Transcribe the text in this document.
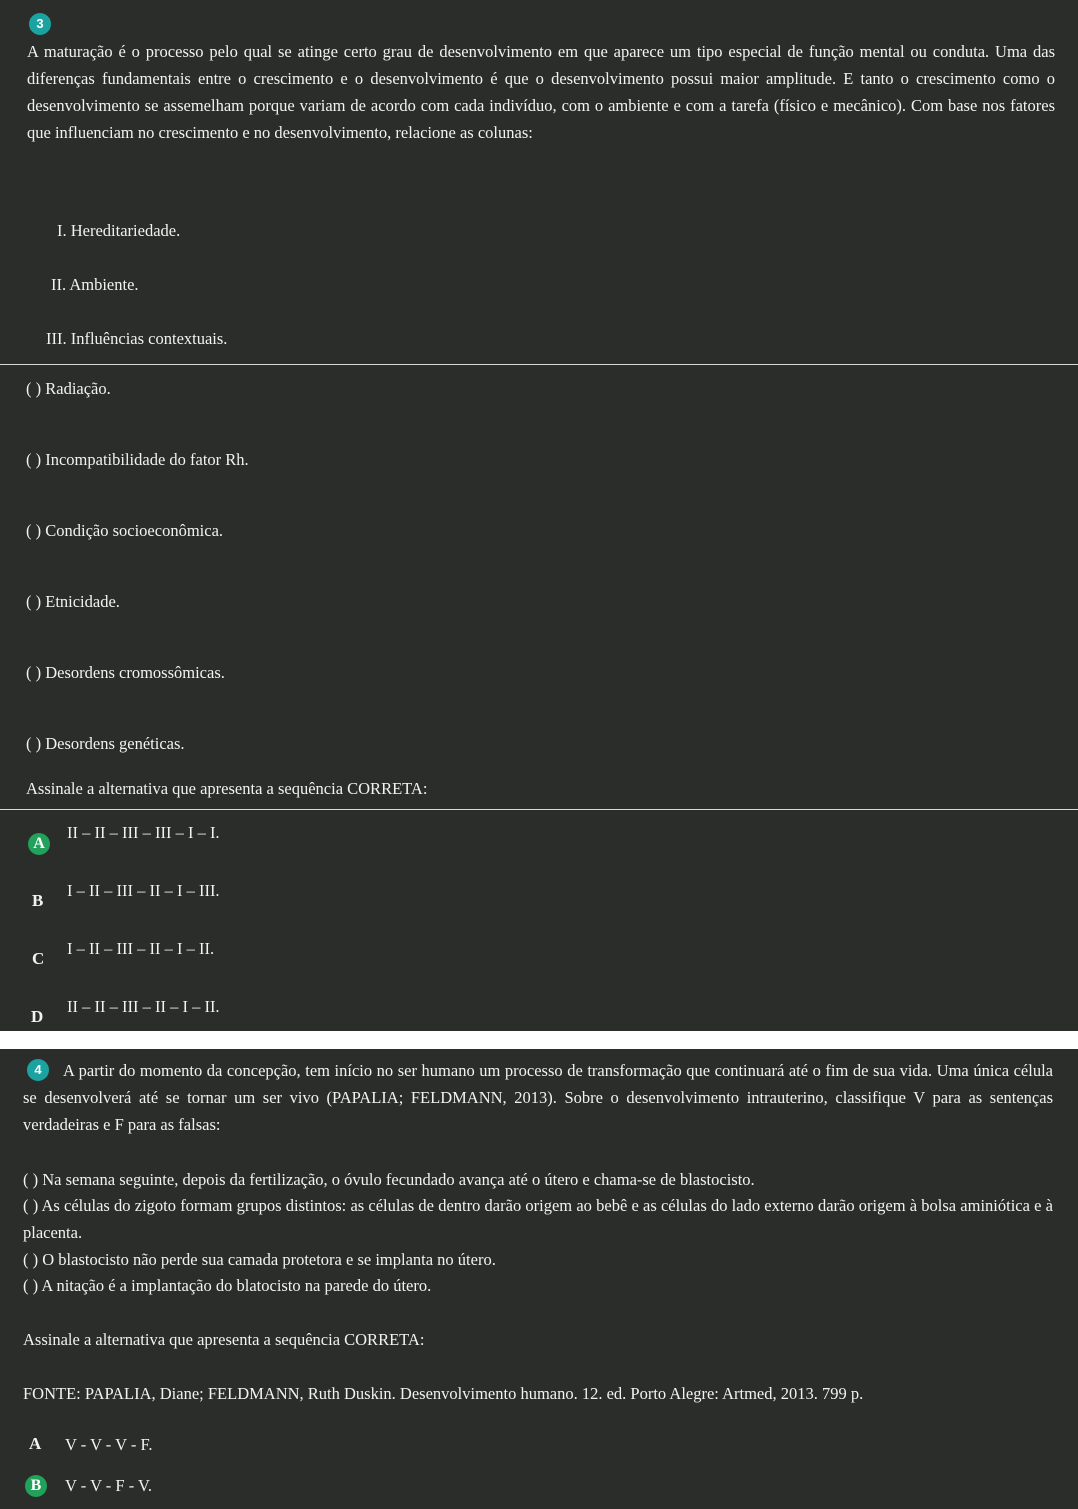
3
A maturação é o processo pelo qual se atinge certo grau de desenvolvimento em que aparece um tipo especial de função mental ou conduta. Uma das diferenças fundamentais entre o crescimento e o desenvolvimento é que o desenvolvimento possui maior amplitude. E tanto o crescimento como o desenvolvimento se assemelham porque variam de acordo com cada indivíduo, com o ambiente e com a tarefa (físico e mecânico). Com base nos fatores que influenciam no crescimento e no desenvolvimento, relacione as colunas:
I. Hereditariedade.
II. Ambiente.
III. Influências contextuais.
( ) Radiação.
( ) Incompatibilidade do fator Rh.
( ) Condição socioeconômica.
( ) Etnicidade.
( ) Desordens cromossômicas.
( ) Desordens genéticas.
Assinale a alternativa que apresenta a sequência CORRETA:
A
II – II – III – III – I – I.
B
I – II – III – II – I – III.
C
I – II – III – II – I – II.
D
II – II – III – II – I – II.
4	A partir do momento da concepção, tem início no ser humano um processo de transformação que continuará até o fim de sua vida. Uma única célula se desenvolverá até se tornar um ser vivo (PAPALIA; FELDMANN, 2013). Sobre o desenvolvimento intrauterino, classifique V para as sentenças verdadeiras e F para as falsas:
( ) Na semana seguinte, depois da fertilização, o óvulo fecundado avança até o útero e chama-se de blastocisto.
( ) As células do zigoto formam grupos distintos: as células de dentro darão origem ao bebê e as células do lado externo darão origem à bolsa aminiótica e à placenta.
( ) O blastocisto não perde sua camada protetora e se implanta no útero.
( ) A nitação é a implantação do blatocisto na parede do útero.
Assinale a alternativa que apresenta a sequência CORRETA:
FONTE: PAPALIA, Diane; FELDMANN, Ruth Duskin. Desenvolvimento humano. 12. ed. Porto Alegre: Artmed, 2013. 799 p.
A V - V - V - F.
B	V - V - F - V.
